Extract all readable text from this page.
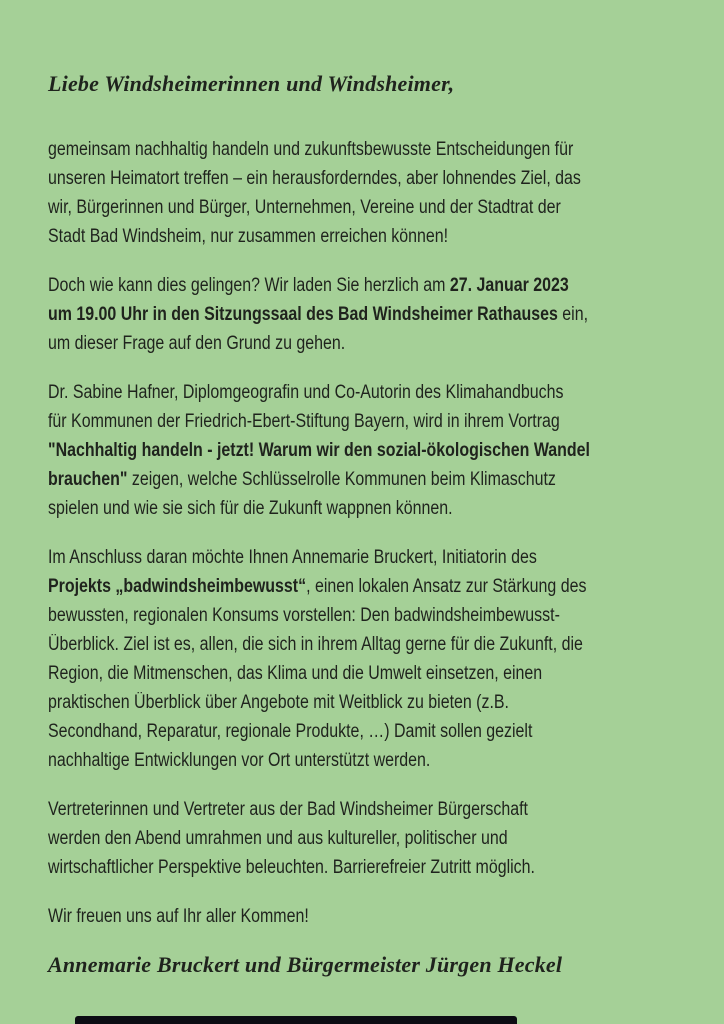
Liebe Windsheimerinnen und Windsheimer,
gemeinsam nachhaltig handeln und zukunftsbewusste Entscheidungen für
unseren Heimatort treffen – ein herausforderndes, aber lohnendes Ziel, das
wir, Bürgerinnen und Bürger, Unternehmen, Vereine und der Stadtrat der
Stadt Bad Windsheim, nur zusammen erreichen können!
Doch wie kann dies gelingen? Wir laden Sie herzlich am 27. Januar 2023
um 19.00 Uhr in den Sitzungssaal des Bad Windsheimer Rathauses ein,
um dieser Frage auf den Grund zu gehen.
Dr. Sabine Hafner, Diplomgeografin und Co-Autorin des Klimahandbuchs
für Kommunen der Friedrich-Ebert-Stiftung Bayern, wird in ihrem Vortrag
"Nachhaltig handeln - jetzt! Warum wir den sozial-ökologischen Wandel
brauchen" zeigen, welche Schlüsselrolle Kommunen beim Klimaschutz
spielen und wie sie sich für die Zukunft wappnen können.
Im Anschluss daran möchte Ihnen Annemarie Bruckert, Initiatorin des
Projekts „badwindsheimbewusst“, einen lokalen Ansatz zur Stärkung des
bewussten, regionalen Konsums vorstellen: Den badwindsheimbewusst-
Überblick. Ziel ist es, allen, die sich in ihrem Alltag gerne für die Zukunft, die
Region, die Mitmenschen, das Klima und die Umwelt einsetzen, einen
praktischen Überblick über Angebote mit Weitblick zu bieten (z.B.
Secondhand, Reparatur, regionale Produkte, …) Damit sollen gezielt
nachhaltige Entwicklungen vor Ort unterstützt werden.
Vertreterinnen und Vertreter aus der Bad Windsheimer Bürgerschaft
werden den Abend umrahmen und aus kultureller, politischer und
wirtschaftlicher Perspektive beleuchten. Barrierefreier Zutritt möglich.
Wir freuen uns auf Ihr aller Kommen!
Annemarie Bruckert und Bürgermeister Jürgen Heckel
